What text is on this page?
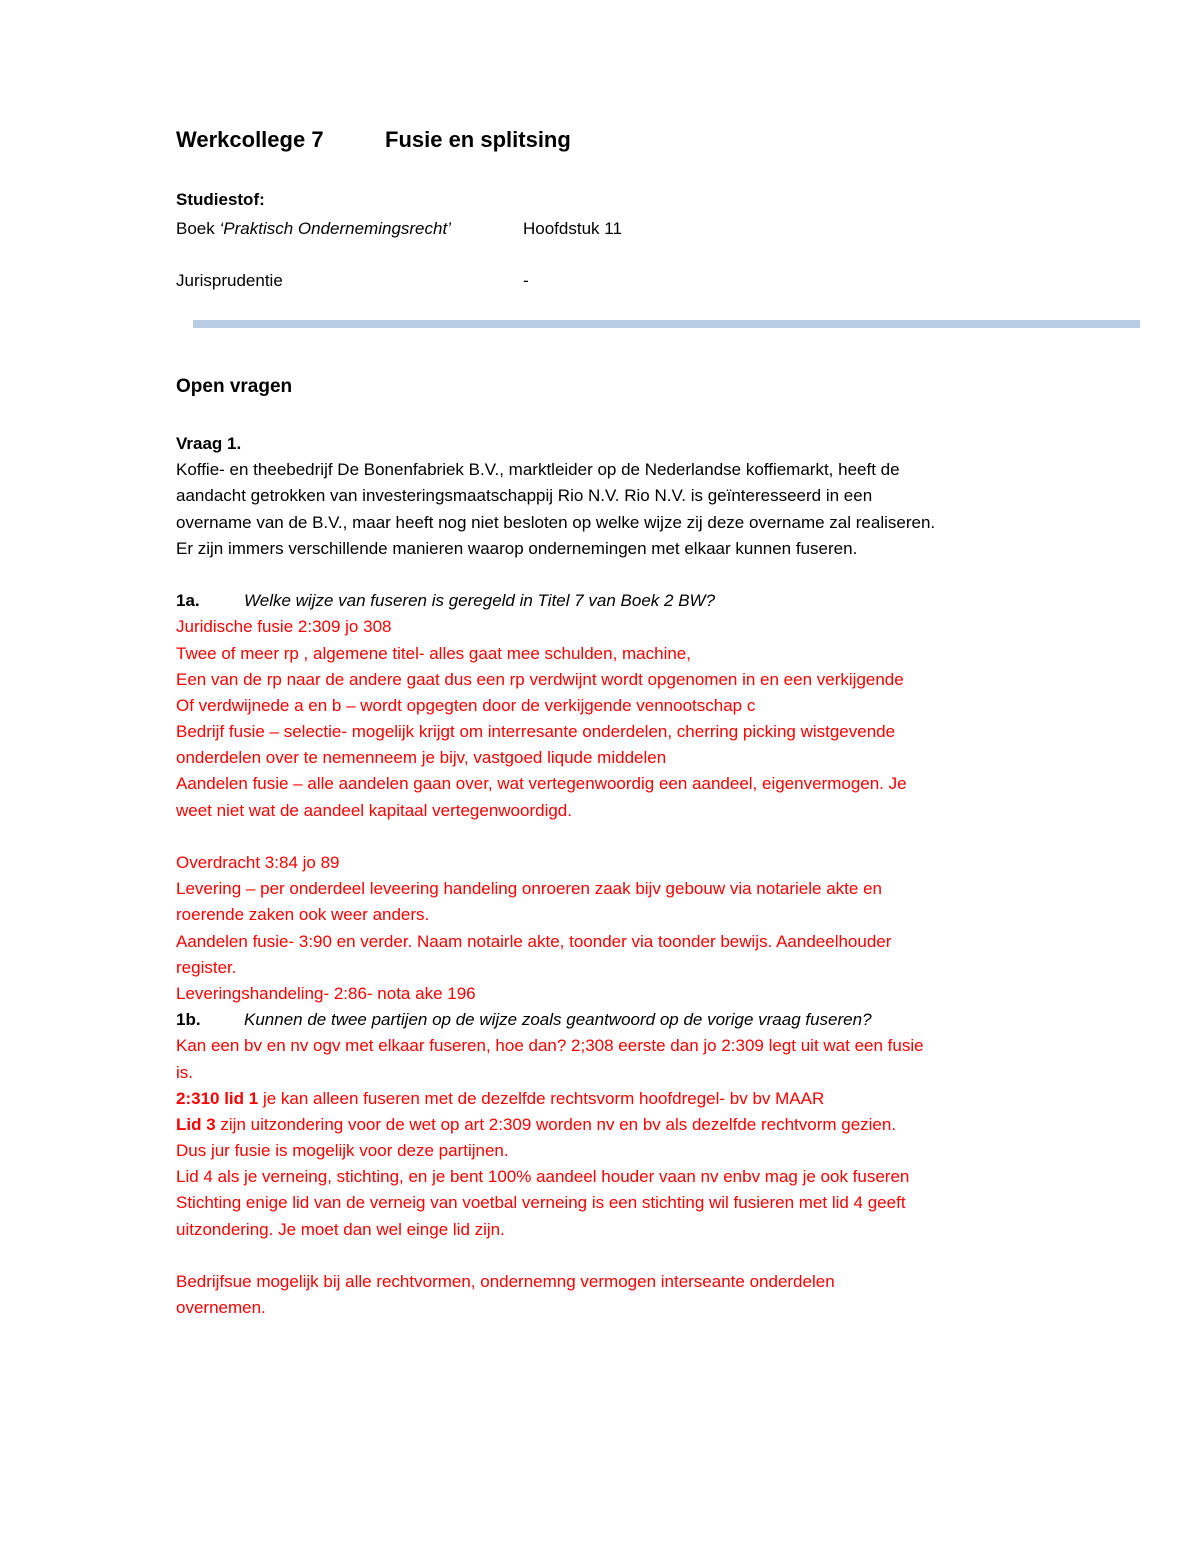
Werkcollege 7	Fusie en splitsing
Studiestof:
Boek ‘Praktisch Ondernemingsrecht’	Hoofdstuk 11
Jurisprudentie	-
Open vragen
Vraag 1.
Koffie- en theebedrijf De Bonenfabriek B.V., marktleider op de Nederlandse koffiemarkt, heeft de
aandacht getrokken van investeringsmaatschappij Rio N.V. Rio N.V. is geïnteresseerd in een
overname van de B.V., maar heeft nog niet besloten op welke wijze zij deze overname zal realiseren.
Er zijn immers verschillende manieren waarop ondernemingen met elkaar kunnen fuseren.
1a.	Welke wijze van fuseren is geregeld in Titel 7 van Boek 2 BW?
Juridische fusie 2:309 jo 308
Twee of meer rp , algemene titel- alles gaat mee schulden, machine,
Een van de rp naar de andere gaat dus een rp verdwijnt wordt opgenomen in en een verkijgende
Of verdwijnede a en b – wordt opgegten door de verkijgende vennootschap c
Bedrijf fusie – selectie- mogelijk krijgt om interresante onderdelen, cherring picking wistgevende
onderdelen over te nemenneem je bijv, vastgoed liqude middelen
Aandelen fusie – alle aandelen gaan over, wat vertegenwoordig een aandeel, eigenvermogen. Je
weet niet wat de aandeel kapitaal vertegenwoordigd.
Overdracht 3:84 jo 89
Levering – per onderdeel leveering handeling onroeren zaak bijv gebouw via notariele akte en
roerende zaken ook weer anders.
Aandelen fusie- 3:90 en verder. Naam notairle akte, toonder via toonder bewijs. Aandeelhouder
register.
Leveringshandeling- 2:86- nota ake 196
1b.	Kunnen de twee partijen op de wijze zoals geantwoord op de vorige vraag fuseren?
Kan een bv en nv ogv met elkaar fuseren, hoe dan? 2;308 eerste dan jo 2:309 legt uit wat een fusie
is.
2:310 lid 1 je kan alleen fuseren met de dezelfde rechtsvorm hoofdregel- bv bv MAAR
Lid 3 zijn uitzondering voor de wet op art 2:309 worden nv en bv als dezelfde rechtvorm gezien.
Dus jur fusie is mogelijk voor deze partijnen.
Lid 4 als je verneing, stichting, en je bent 100% aandeel houder vaan nv enbv mag je ook fuseren
Stichting enige lid van de verneig van voetbal verneing is een stichting wil fusieren met lid 4 geeft
uitzondering. Je moet dan wel einge lid zijn.
Bedrijfsue mogelijk bij alle rechtvormen, ondernemng vermogen interseante onderdelen
overnemen.
